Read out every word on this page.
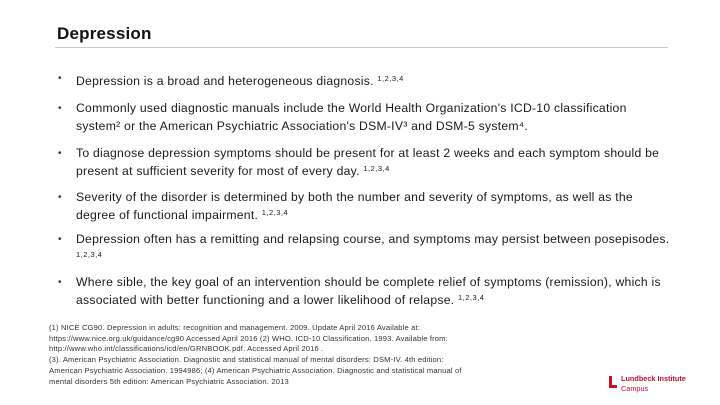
Depression
•	Depression is a broad and heterogeneous diagnosis. $^{1,2,3,4}$
•	Commonly used diagnostic manuals include the World Health Organization's ICD-10 classification system² or the American Psychiatric Association's DSM-IV³ and DSM-5 system⁴.
•	To diagnose depression symptoms should be present for at least 2 weeks and each symptom should be present at sufficient severity for most of every day. $^{1,2,3,4}$
•	Severity of the disorder is determined by both the number and severity of symptoms, as well as the degree of functional impairment. $^{1,2,3,4}$
•	Depression often has a remitting and relapsing course, and symptoms may persist between posepisodes. $^{1,2,3,4}$
•	Where sible, the key goal of an intervention should be complete relief of symptoms (remission), which is associated with better functioning and a lower likelihood of relapse. $^{1,2,3,4}$
(1) NICE CG90. Depression in adults: recognition and management. 2009. Update April 2016 Available at:
https://www.nice.org.uk/guidance/cg90 Accessed April 2016 (2) WHO. ICD-10 Classification. 1993. Available from:
http://www.who.int/classifications/icd/en/GRNBOOK.pdf. Accessed April 2016 .
(3). American Psychiatric Association. Diagnostic and statistical manual of mental disorders: DSM-IV. 4th edition:
American Psychiatric Association. 1994986; (4) American Psychiatric Association. Diagnostic and statistical manual of
mental disorders 5th edition: American Psychiatric Association. 2013	Lundbeck Institute
Campus
